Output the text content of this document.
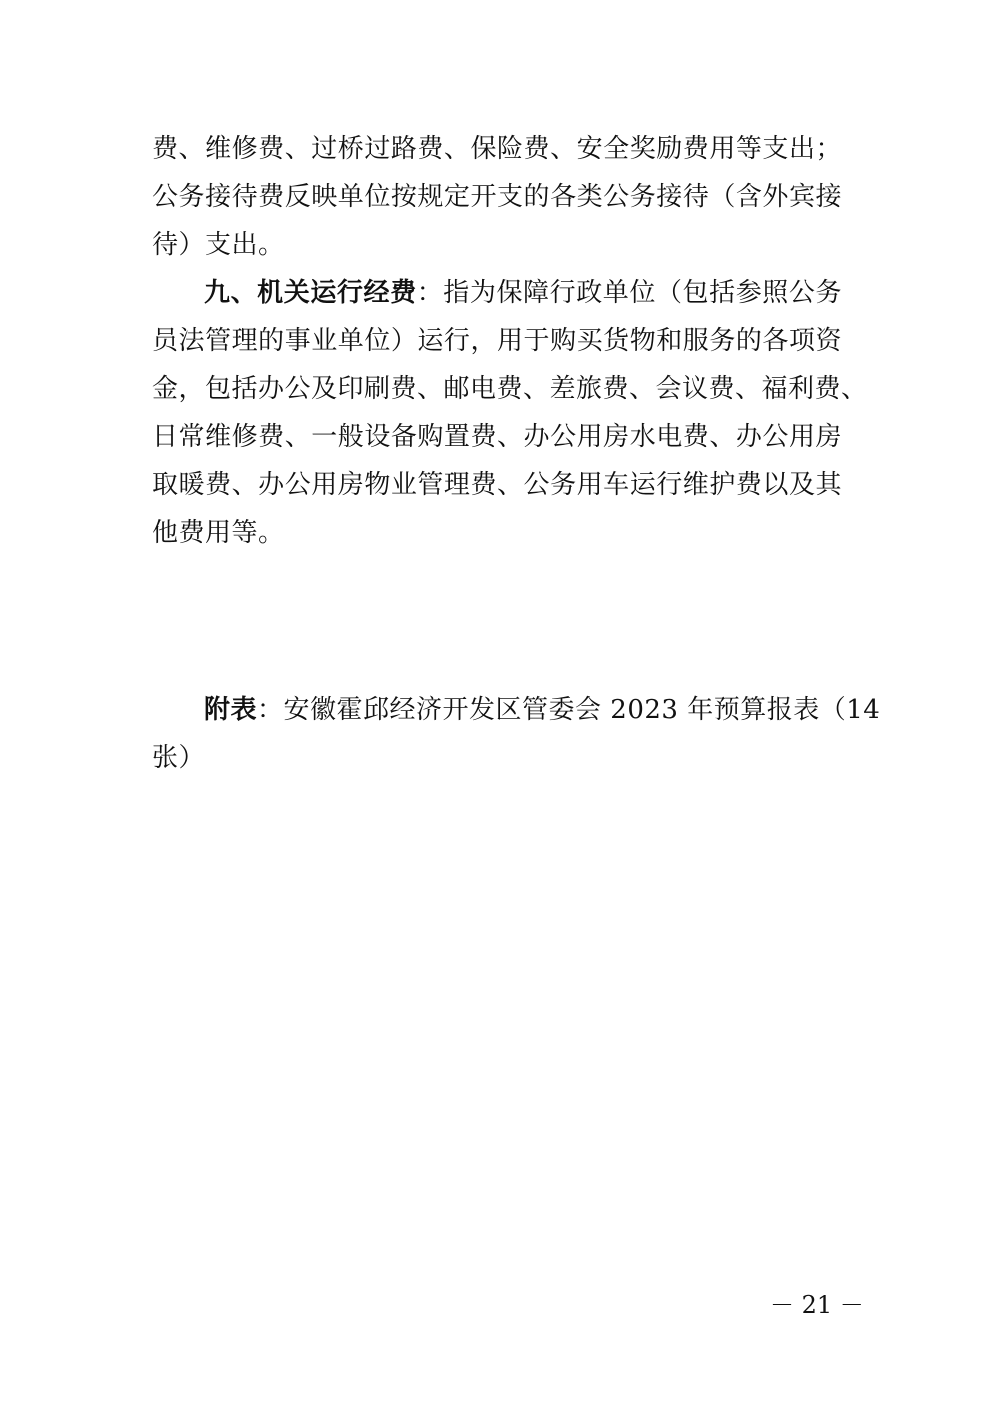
费、维修费、过桥过路费、保险费、安全奖励费用等支出；
公务接待费反映单位按规定开支的各类公务接待（含外宾接
待）支出。
九、机关运行经费：指为保障行政单位（包括参照公务
员法管理的事业单位）运行，用于购买货物和服务的各项资
金，包括办公及印刷费、邮电费、差旅费、会议费、福利费、
日常维修费、一般设备购置费、办公用房水电费、办公用房
取暖费、办公用房物业管理费、公务用车运行维护费以及其
他费用等。
附表：安徽霍邱经济开发区管委会 2023 年预算报表（14
张）
－ 21 －
